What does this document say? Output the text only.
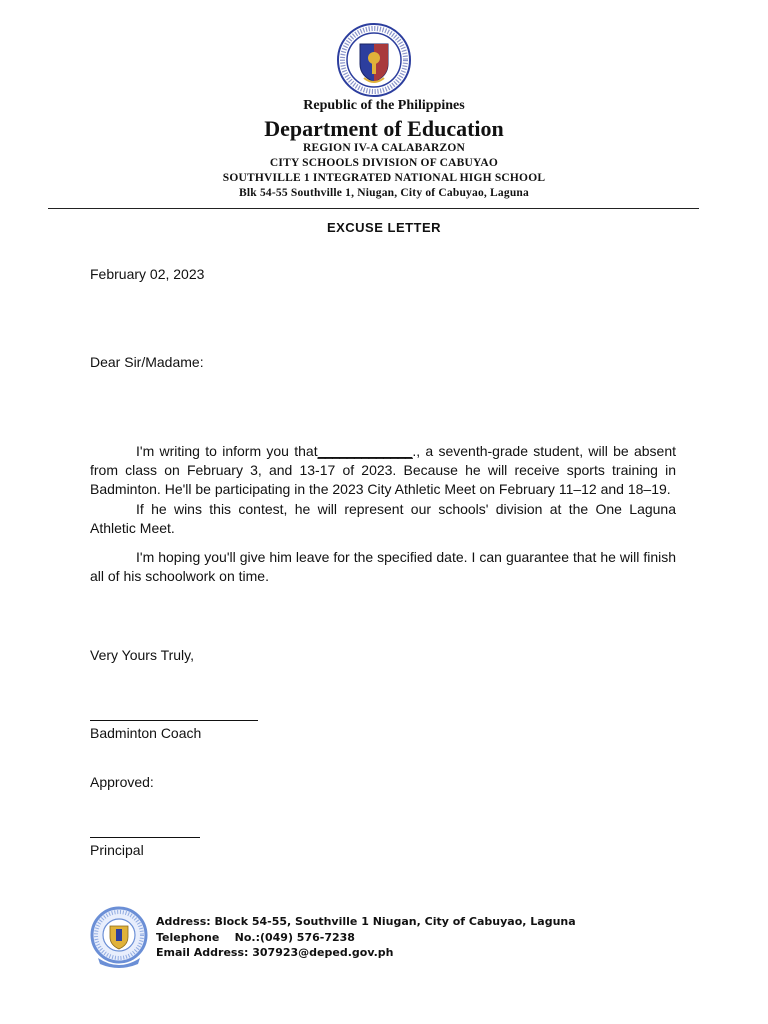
Republic of the Philippines
Department of Education
REGION IV-A CALABARZON
CITY SCHOOLS DIVISION OF CABUYAO
SOUTHVILLE 1 INTEGRATED NATIONAL HIGH SCHOOL
Blk 54-55 Southville 1, Niugan, City of Cabuyao, Laguna
EXCUSE LETTER
February 02, 2023
Dear Sir/Madame:

I'm writing to inform you that_____________., a seventh-grade student, will be absent from class on February 3, and 13-17 of 2023. Because he will receive sports training in Badminton. He'll be participating in the 2023 City Athletic Meet on February 11–12 and 18–19.

If he wins this contest, he will represent our schools' division at the One Laguna Athletic Meet.

I'm hoping you'll give him leave for the specified date. I can guarantee that he will finish all of his schoolwork on time.

Very Yours Truly,
Badminton Coach
Approved:
Principal
Address: Block 54-55, Southville 1 Niugan, City of Cabuyao, Laguna
Telephone No.:(049) 576-7238
Email Address: 307923@deped.gov.ph
